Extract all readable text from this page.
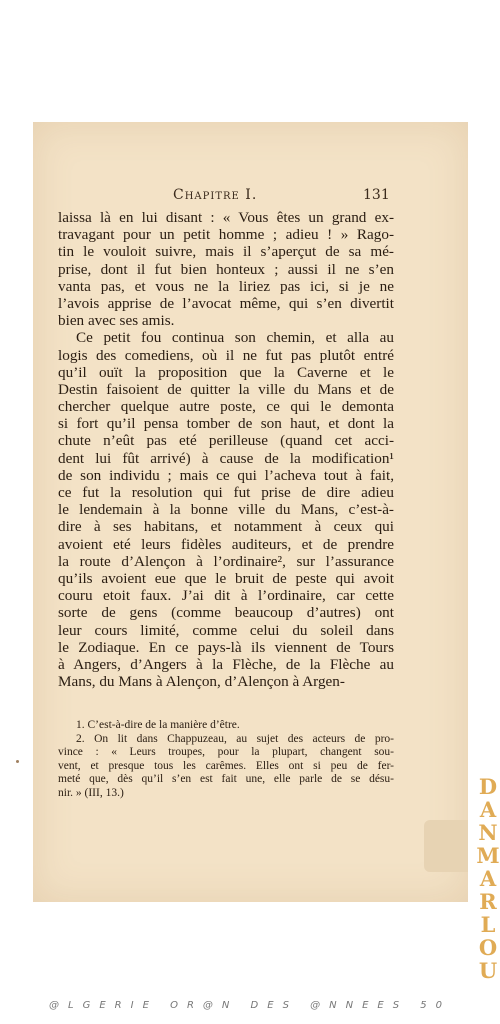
Chapitre I.	131
laissa là en lui disant : « Vous êtes un grand ex-
travagant pour un petit homme ; adieu ! » Rago-
tin le vouloit suivre, mais il s’aperçut de sa mé-
prise, dont il fut bien honteux ; aussi il ne s’en
vanta pas, et vous ne la liriez pas ici, si je ne
l’avois apprise de l’avocat même, qui s’en divertit
bien avec ses amis.
Ce petit fou continua son chemin, et alla au
logis des comediens, où il ne fut pas plutôt entré
qu’il ouït la proposition que la Caverne et le
Destin faisoient de quitter la ville du Mans et de
chercher quelque autre poste, ce qui le demonta
si fort qu’il pensa tomber de son haut, et dont la
chute n’eût pas eté perilleuse (quand cet acci-
dent lui fût arrivé) à cause de la modification¹
de son individu ; mais ce qui l’acheva tout à fait,
ce fut la resolution qui fut prise de dire adieu
le lendemain à la bonne ville du Mans, c’est-à-
dire à ses habitans, et notamment à ceux qui
avoient eté leurs fidèles auditeurs, et de prendre
la route d’Alençon à l’ordinaire², sur l’assurance
qu’ils avoient eue que le bruit de peste qui avoit
couru etoit faux. J’ai dit à l’ordinaire, car cette
sorte de gens (comme beaucoup d’autres) ont
leur cours limité, comme celui du soleil dans
le Zodiaque. En ce pays-là ils viennent de Tours
à Angers, d’Angers à la Flèche, de la Flèche au
Mans, du Mans à Alençon, d’Alençon à Argen-
1. C’est-à-dire de la manière d’être.
2. On lit dans Chappuzeau, au sujet des acteurs de pro-
vince : « Leurs troupes, pour la plupart, changent sou-
vent, et presque tous les carêmes. Elles ont si peu de fer-
meté que, dès qu’il s’en est fait une, elle parle de se désu-
nir. » (III, 13.)	D
A
N
M
A
R
L
O
U
@LGERIE OR@N DES @NNEES 50
